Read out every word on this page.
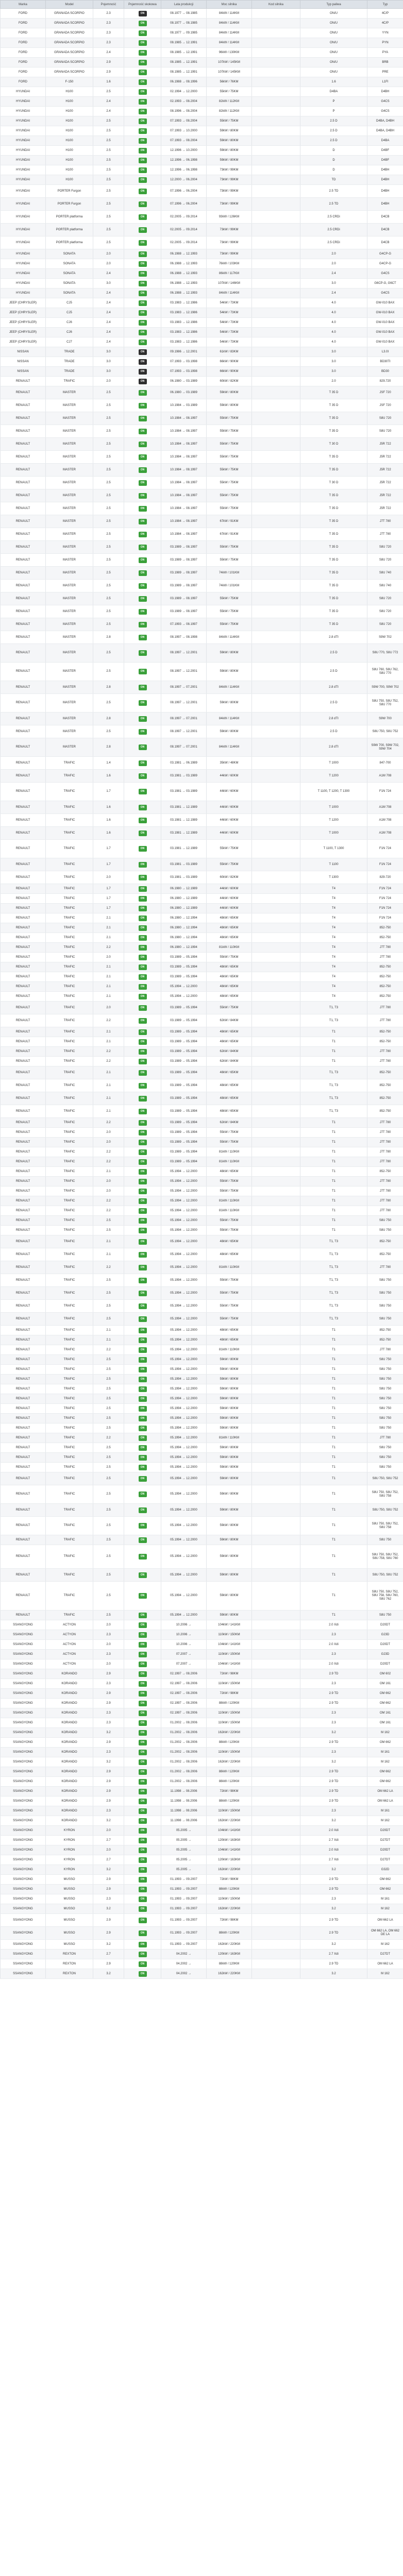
Marka	Model	Pojemność	Pojemność skokowa	Lata produkcji	Moc silnika	Kod silnika	Typ paliwa	Typ
FORD	GRANADA SCORPIO	2.3	ON	08.1977 → 08.1985	84kW / 114KM		ON/U	4C/P
FORD	GRANADA SCORPIO	2.3	ON	08.1977 → 08.1985	84kW / 114KM		ON/U	4C/P
FORD	GRANADA SCORPIO	2.3	ON	08.1977 → 09.1985	84kW / 114KM		ON/U	YYN
FORD	GRANADA SCORPIO	2.3	ON	08.1985 → 12.1991	84kW / 114KM		ON/U	PYN
FORD	GRANADA SCORPIO	2.4	ON	08.1985 → 12.1991	96kW / 130KM		ON/U	PYA
FORD	GRANADA SCORPIO	2.9	ON	08.1985 → 12.1991	107kW / 145KM		ON/U	BRB
FORD	GRANADA SCORPIO	2.9	ON	08.1985 → 12.1991	107kW / 145KM		ON/U	PRE
FORD	F-150	1.6	ON	06.1988 → 08.1996	56kW / 76KM		1.6	L1FI
HYUNDAI	H100	2.5	ON	02.1994 → 12.2000	55kW / 75KM		D4BA	D4BH
HYUNDAI	H100	2.4	ON	02.1993 → 08.2004	82kW / 112KM		P	G4CS
HYUNDAI	H100	2.4	ON	08.1996 → 08.2004	82kW / 112KM		P	G4CS
HYUNDAI	H100	2.5	ON	07.1993 → 08.2004	55kW / 75KM		2.5 D	D4BA, D4BH
HYUNDAI	H100	2.5	ON	07.1993 → 10.2000	59kW / 80KM		2.5 D	D4BA, D4BH
HYUNDAI	H100	2.5	ON	07.1993 → 08.2004	59kW / 80KM		2.5 D	D4BA
HYUNDAI	H100	2.5	ON	12.1996 → 10.2000	59kW / 80KM		D	D4BF
HYUNDAI	H100	2.5	ON	12.1996 → 06.1998	59kW / 80KM		D	D4BF
HYUNDAI	H100	2.5	ON	12.1996 → 06.1998	73kW / 99KM		D	D4BH
HYUNDAI	H100	2.5	ON	12.2000 → 06.2004	73kW / 99KM		TD	D4BH
HYUNDAI	PORTER Furgon	2.5	ON	07.1996 → 06.2004	73kW / 99KM		2.5 TD	D4BH
HYUNDAI	PORTER Furgon	2.5	ON	07.1996 → 06.2004	73kW / 99KM		2.5 TD	D4BH
HYUNDAI	PORTER platforma	2.5	ON	02.2005 → 09.2014	93kW / 126KM		2.5 CRDi	D4CB
HYUNDAI	PORTER platforma	2.5	ON	02.2005 → 09.2014	73kW / 99KM		2.5 CRDi	D4CB
HYUNDAI	PORTER platforma	2.5	ON	02.2005 → 09.2014	73kW / 99KM		2.5 CRDi	D4CB
HYUNDAI	SONATA	2.0	ON	06.1988 → 12.1993	73kW / 99KM		2.0	G4CP-G
HYUNDAI	SONATA	2.0	ON	06.1988 → 12.1993	76kW / 103KM		2.0	G4CP-G
HYUNDAI	SONATA	2.4	ON	06.1988 → 12.1993	86kW / 117KM		2.4	G4CS
HYUNDAI	SONATA	3.0	ON	06.1988 → 12.1993	107kW / 146KM		3.0	G6CP-G, G6CT
HYUNDAI	SONATA	2.4	ON	06.1988 → 12.1993	84kW / 114KM		2.4	G4CS
JEEP (CHRYSLER)	CJ5	2.4	ON	03.1983 → 12.1986	54kW / 73KM		4.0	GW-010 BAX
JEEP (CHRYSLER)	CJ5	2.4	ON	03.1983 → 12.1986	54kW / 73KM		4.0	GW-010 BAX
JEEP (CHRYSLER)	CJ6	2.4	ON	03.1983 → 12.1986	54kW / 73KM		4.0	GW-010 BAX
JEEP (CHRYSLER)	CJ6	2.4	ON	03.1983 → 12.1986	54kW / 73KM		4.0	GW-010 BAX
JEEP (CHRYSLER)	CJ7	2.4	ON	03.1983 → 12.1986	54kW / 73KM		4.0	GW-010 BAX
NISSAN	TRADE	3.0	ON	09.1986 → 12.2001	61kW / 83KM		3.0	L3.0I
NISSAN	TRADE	3.0	ON	07.1993 → 03.1998	66kW / 90KM		3.0	BD30TI
NISSAN	TRADE	3.0	ON	07.1993 → 03.1998	66kW / 90KM		3.0	BD30
RENAULT	TRAFIC	2.0	ON	06.1980 → 03.1989	60kW / 82KM		2.0	829.720
RENAULT	MASTER	2.5	ON	06.1980 → 03.1989	59kW / 80KM		T 35 D	JSF 720
RENAULT	MASTER	2.5	ON	10.1984 → 03.1989	59kW / 80KM		T 35 D	JSF 720
RENAULT	MASTER	2.5	ON	10.1984 → 08.1997	55kW / 75KM		T 35 D	S8U 720
RENAULT	MASTER	2.5	ON	10.1984 → 08.1997	55kW / 75KM		T 35 D	S8U 720
RENAULT	MASTER	2.5	ON	10.1984 → 08.1997	55kW / 75KM		T 30 D	J5R 722
RENAULT	MASTER	2.5	ON	10.1984 → 08.1997	55kW / 75KM		T 35 D	J5R 722
RENAULT	MASTER	2.5	ON	10.1984 → 08.1997	55kW / 75KM		T 35 D	J5R 722
RENAULT	MASTER	2.5	ON	10.1984 → 08.1997	55kW / 75KM		T 30 D	J5R 722
RENAULT	MASTER	2.5	ON	10.1984 → 08.1997	55kW / 75KM		T 35 D	J5R 722
RENAULT	MASTER	2.5	ON	10.1984 → 08.1997	55kW / 75KM		T 35 D	J5R 722
RENAULT	MASTER	2.5	ON	10.1984 → 08.1997	67kW / 91KM		T 35 D	J7T 780
RENAULT	MASTER	2.5	ON	10.1984 → 08.1997	67kW / 91KM		T 35 D	J7T 780
RENAULT	MASTER	2.5	ON	03.1989 → 08.1997	55kW / 75KM		T 35 D	S8U 720
RENAULT	MASTER	2.5	ON	03.1989 → 08.1997	55kW / 75KM		T 35 D	S8U 720
RENAULT	MASTER	2.5	ON	03.1989 → 08.1997	74kW / 101KM		T 35 D	S8U 740
RENAULT	MASTER	2.5	ON	03.1989 → 08.1997	74kW / 101KM		T 35 D	S8U 740
RENAULT	MASTER	2.5	ON	03.1989 → 08.1997	55kW / 75KM		T 35 D	S8U 720
RENAULT	MASTER	2.5	ON	03.1989 → 08.1997	55kW / 75KM		T 35 D	S8U 720
RENAULT	MASTER	2.5	ON	07.1993 → 08.1997	55kW / 75KM		T 35 D	S8U 720
RENAULT	MASTER	2.8	ON	08.1997 → 08.1998	84kW / 114KM		2.8 dTI	S9W 702
RENAULT	MASTER	2.5	ON	08.1997 → 12.2001	59kW / 80KM		2.5 D	S8U 770, S8U 772
RENAULT	MASTER	2.5	ON	08.1997 → 12.2001	59kW / 80KM		2.5 D	S8U 760, S8U 762, S8U 770
RENAULT	MASTER	2.8	ON	08.1997 → 07.2001	84kW / 114KM		2.8 dTI	S9W 700, S9W 702
RENAULT	MASTER	2.5	ON	08.1997 → 12.2001	59kW / 80KM		2.5 D	S8U 750, S8U 752, S8U 770
RENAULT	MASTER	2.8	ON	08.1997 → 07.2001	84kW / 114KM		2.8 dTI	S9W 700
RENAULT	MASTER	2.5	ON	08.1997 → 12.2001	59kW / 80KM		2.5 D	S8U 750, S8U 752
RENAULT	MASTER	2.8	ON	08.1997 → 07.2001	84kW / 114KM		2.8 dTI	S9W 700, S9W 702, S9W 704
RENAULT	TRAFIC	1.4	ON	03.1981 → 06.1989	35kW / 48KM		T 1000	847-700
RENAULT	TRAFIC	1.6	ON	03.1981 → 03.1989	44kW / 60KM		T 1200	A1M 708
RENAULT	TRAFIC	1.7	ON	03.1981 → 03.1989	44kW / 60KM		T 1100, T 1200, T 1300	F1N 724
RENAULT	TRAFIC	1.6	ON	03.1981 → 12.1989	44kW / 60KM		T 1000	A1M 708
RENAULT	TRAFIC	1.6	ON	03.1981 → 12.1989	44kW / 60KM		T 1200	A1M 708
RENAULT	TRAFIC	1.6	ON	03.1981 → 12.1989	44kW / 60KM		T 1000	A1M 708
RENAULT	TRAFIC	1.7	ON	03.1981 → 12.1989	55kW / 75KM		T 1100, T 1300	F1N 724
RENAULT	TRAFIC	1.7	ON	03.1981 → 03.1989	55kW / 75KM		T 1100	F1N 724
RENAULT	TRAFIC	2.0	ON	03.1981 → 03.1989	60kW / 82KM		T 1300	829-720
RENAULT	TRAFIC	1.7	ON	06.1980 → 12.1989	44kW / 60KM		T4	F1N 724
RENAULT	TRAFIC	1.7	ON	06.1980 → 12.1989	44kW / 60KM		T4	F1N 724
RENAULT	TRAFIC	1.7	ON	06.1980 → 12.1989	44kW / 60KM		T4	F1N 724
RENAULT	TRAFIC	2.1	ON	06.1980 → 12.1994	48kW / 65KM		T4	F1N 724
RENAULT	TRAFIC	2.1	ON	06.1980 → 12.1994	48kW / 65KM		T4	852-750
RENAULT	TRAFIC	2.1	ON	06.1980 → 12.1994	48kW / 65KM		T4	852-750
RENAULT	TRAFIC	2.2	ON	06.1980 → 12.1994	81kW / 110KM		T4	J7T 780
RENAULT	TRAFIC	2.0	ON	03.1989 → 05.1994	55kW / 75KM		T4	J7T 780
RENAULT	TRAFIC	2.1	ON	03.1989 → 05.1994	48kW / 65KM		T4	852-750
RENAULT	TRAFIC	2.1	ON	03.1989 → 05.1994	48kW / 65KM		T4	852-750
RENAULT	TRAFIC	2.1	ON	05.1994 → 12.2000	48kW / 65KM		T4	852-750
RENAULT	TRAFIC	2.1	ON	05.1994 → 12.2000	48kW / 65KM		T4	852-750
RENAULT	TRAFIC	2.0	ON	03.1989 → 05.1994	55kW / 75KM		T1, T3	J7T 780
RENAULT	TRAFIC	2.2	ON	03.1989 → 05.1994	62kW / 84KM		T1, T3	J7T 780
RENAULT	TRAFIC	2.1	ON	03.1989 → 05.1994	48kW / 65KM		T1	852-750
RENAULT	TRAFIC	2.1	ON	03.1989 → 05.1994	48kW / 65KM		T1	852-750
RENAULT	TRAFIC	2.2	ON	03.1989 → 05.1994	62kW / 84KM		T1	J7T 780
RENAULT	TRAFIC	2.2	ON	03.1989 → 05.1994	62kW / 84KM		T1	J7T 780
RENAULT	TRAFIC	2.1	ON	03.1989 → 05.1994	48kW / 65KM		T1, T3	852-750
RENAULT	TRAFIC	2.1	ON	03.1989 → 05.1994	48kW / 65KM		T1, T3	852-750
RENAULT	TRAFIC	2.1	ON	03.1989 → 05.1994	48kW / 65KM		T1, T3	852-750
RENAULT	TRAFIC	2.1	ON	03.1989 → 05.1994	48kW / 65KM		T1, T3	852-750
RENAULT	TRAFIC	2.2	ON	03.1989 → 05.1994	62kW / 84KM		T1	J7T 780
RENAULT	TRAFIC	2.0	ON	03.1989 → 05.1994	55kW / 75KM		T1	J7T 780
RENAULT	TRAFIC	2.0	ON	03.1989 → 05.1994	55kW / 75KM		T1	J7T 780
RENAULT	TRAFIC	2.2	ON	03.1989 → 05.1994	81kW / 110KM		T1	J7T 780
RENAULT	TRAFIC	2.2	ON	03.1989 → 05.1994	81kW / 110KM		T1	J7T 780
RENAULT	TRAFIC	2.1	ON	05.1994 → 12.2000	48kW / 65KM		T1	852-750
RENAULT	TRAFIC	2.0	ON	05.1994 → 12.2000	55kW / 75KM		T1	J7T 780
RENAULT	TRAFIC	2.0	ON	05.1994 → 12.2000	55kW / 75KM		T1	J7T 780
RENAULT	TRAFIC	2.2	ON	05.1994 → 12.2000	81kW / 110KM		T1	J7T 780
RENAULT	TRAFIC	2.2	ON	05.1994 → 12.2000	81kW / 110KM		T1	J7T 780
RENAULT	TRAFIC	2.5	ON	05.1994 → 12.2000	55kW / 75KM		T1	S8U 750
RENAULT	TRAFIC	2.5	ON	05.1994 → 12.2000	55kW / 75KM		T1	S8U 750
RENAULT	TRAFIC	2.1	ON	05.1994 → 12.2000	48kW / 65KM		T1, T3	852-750
RENAULT	TRAFIC	2.1	ON	05.1994 → 12.2000	48kW / 65KM		T1, T3	852-750
RENAULT	TRAFIC	2.2	ON	05.1994 → 12.2000	81kW / 110KM		T1, T3	J7T 780
RENAULT	TRAFIC	2.5	ON	05.1994 → 12.2000	55kW / 75KM		T1, T3	S8U 750
RENAULT	TRAFIC	2.5	ON	05.1994 → 12.2000	55kW / 75KM		T1, T3	S8U 750
RENAULT	TRAFIC	2.5	ON	05.1994 → 12.2000	55kW / 75KM		T1, T3	S8U 750
RENAULT	TRAFIC	2.5	ON	05.1994 → 12.2000	55kW / 75KM		T1, T3	S8U 750
RENAULT	TRAFIC	2.1	ON	05.1994 → 12.2000	48kW / 65KM		T1	852-750
RENAULT	TRAFIC	2.1	ON	05.1994 → 12.2000	48kW / 65KM		T1	852-750
RENAULT	TRAFIC	2.2	ON	05.1994 → 12.2000	81kW / 110KM		T1	J7T 780
RENAULT	TRAFIC	2.5	ON	05.1994 → 12.2000	59kW / 80KM		T1	S8U 750
RENAULT	TRAFIC	2.5	ON	05.1994 → 12.2000	59kW / 80KM		T1	S8U 750
RENAULT	TRAFIC	2.5	ON	05.1994 → 12.2000	59kW / 80KM		T1	S8U 750
RENAULT	TRAFIC	2.5	ON	05.1994 → 12.2000	59kW / 80KM		T1	S8U 750
RENAULT	TRAFIC	2.5	ON	05.1994 → 12.2000	59kW / 80KM		T1	S8U 750
RENAULT	TRAFIC	2.5	ON	05.1994 → 12.2000	59kW / 80KM		T1	S8U 750
RENAULT	TRAFIC	2.5	ON	05.1994 → 12.2000	59kW / 80KM		T1	S8U 750
RENAULT	TRAFIC	2.5	ON	05.1994 → 12.2000	59kW / 80KM		T1	S8U 750
RENAULT	TRAFIC	2.2	ON	05.1994 → 12.2000	81kW / 110KM		T1	J7T 780
RENAULT	TRAFIC	2.5	ON	05.1994 → 12.2000	59kW / 80KM		T1	S8U 750
RENAULT	TRAFIC	2.5	ON	05.1994 → 12.2000	59kW / 80KM		T1	S8U 750
RENAULT	TRAFIC	2.5	ON	05.1994 → 12.2000	59kW / 80KM		T1	S8U 750
RENAULT	TRAFIC	2.5	ON	05.1994 → 12.2000	59kW / 80KM		T1	S8U 750, S8U 752
RENAULT	TRAFIC	2.5	ON	05.1994 → 12.2000	59kW / 80KM		T1	S8U 750, S8U 752, S8U 758
RENAULT	TRAFIC	2.5	ON	05.1994 → 12.2000	59kW / 80KM		T1	S8U 750, S8U 752
RENAULT	TRAFIC	2.5	ON	05.1994 → 12.2000	59kW / 80KM		T1	S8U 750, S8U 752, S8U 758
RENAULT	TRAFIC	2.5	ON	05.1994 → 12.2000	59kW / 80KM		T1	S8U 750
RENAULT	TRAFIC	2.5	ON	05.1994 → 12.2000	59kW / 80KM		T1	S8U 750, S8U 752, S8U 758, S8U 760
RENAULT	TRAFIC	2.5	ON	05.1994 → 12.2000	59kW / 80KM		T1	S8U 750, S8U 752
RENAULT	TRAFIC	2.5	ON	05.1994 → 12.2000	59kW / 80KM		T1	S8U 750, S8U 752, S8U 758, S8U 760, S8U 762
RENAULT	TRAFIC	2.5	ON	05.1994 → 12.2000	59kW / 80KM		T1	S8U 750
SSANGYONG	ACTYON	2.0	ON	10.2006 →	104kW / 141KM		2.0 Xdi	D20DT
SSANGYONG	ACTYON	2.3	ON	10.2006 →	110kW / 150KM		2.3	G23D
SSANGYONG	ACTYON	2.0	ON	10.2006 →	104kW / 141KM		2.0 Xdi	D20DT
SSANGYONG	ACTYON	2.3	ON	07.2007 →	110kW / 150KM		2.3	G23D
SSANGYONG	ACTYON	2.0	ON	07.2007 →	104kW / 141KM		2.0 Xdi	D20DT
SSANGYONG	KORANDO	2.9	ON	02.1997 → 08.2006	72kW / 98KM		2.9 TD	OM 602
SSANGYONG	KORANDO	2.3	ON	02.1997 → 08.2006	110kW / 150KM		2.3	OM 161
SSANGYONG	KORANDO	2.9	ON	02.1997 → 08.2006	72kW / 98KM		2.9 TD	OM 662
SSANGYONG	KORANDO	2.9	ON	02.1997 → 08.2006	88kW / 120KM		2.9 TD	OM 662
SSANGYONG	KORANDO	2.3	ON	02.1997 → 08.2006	110kW / 150KM		2.3	OM 161
SSANGYONG	KORANDO	2.3	ON	01.2002 → 08.2006	110kW / 150KM		2.3	OM 161
SSANGYONG	KORANDO	3.2	ON	01.2002 → 08.2006	162kW / 220KM		3.2	M 162
SSANGYONG	KORANDO	2.9	ON	01.2002 → 08.2006	88kW / 120KM		2.9 TD	OM 662
SSANGYONG	KORANDO	2.3	ON	01.2002 → 08.2006	110kW / 150KM		2.3	M 161
SSANGYONG	KORANDO	3.2	ON	01.2002 → 08.2006	162kW / 220KM		3.2	M 162
SSANGYONG	KORANDO	2.9	ON	01.2002 → 08.2006	88kW / 120KM		2.9 TD	OM 662
SSANGYONG	KORANDO	2.9	ON	01.2002 → 08.2006	88kW / 120KM		2.9 TD	OM 662
SSANGYONG	KORANDO	2.9	ON	11.1998 → 08.2006	72kW / 98KM		2.9 TD	OM 662 LA
SSANGYONG	KORANDO	2.9	ON	11.1998 → 08.2006	88kW / 120KM		2.9 TD	OM 662 LA
SSANGYONG	KORANDO	2.3	ON	11.1998 → 08.2006	110kW / 150KM		2.3	M 161
SSANGYONG	KORANDO	3.2	ON	11.1998 → 08.2006	162kW / 220KM		3.2	M 162
SSANGYONG	KYRON	2.0	ON	05.2005 →	104kW / 141KM		2.0 Xdi	D20DT
SSANGYONG	KYRON	2.7	ON	05.2005 →	120kW / 163KM		2.7 Xdi	D27DT
SSANGYONG	KYRON	2.0	ON	05.2005 →	104kW / 141KM		2.0 Xdi	D20DT
SSANGYONG	KYRON	2.7	ON	05.2005 →	120kW / 163KM		2.7 Xdi	D27DT
SSANGYONG	KYRON	3.2	ON	05.2005 →	162kW / 220KM		3.2	G32D
SSANGYONG	MUSSO	2.9	ON	01.1993 → 09.2007	72kW / 98KM		2.9 TD	OM 662
SSANGYONG	MUSSO	2.9	ON	01.1993 → 09.2007	88kW / 120KM		2.9 TD	OM 662
SSANGYONG	MUSSO	2.3	ON	01.1993 → 09.2007	110kW / 150KM		2.3	M 161
SSANGYONG	MUSSO	3.2	ON	01.1993 → 09.2007	162kW / 220KM		3.2	M 162
SSANGYONG	MUSSO	2.9	ON	01.1993 → 09.2007	72kW / 98KM		2.9 TD	OM 662 LA
SSANGYONG	MUSSO	2.9	ON	01.1993 → 09.2007	88kW / 120KM		2.9 TD	OM 662 LA, OM 662 DE LA
SSANGYONG	MUSSO	3.2	ON	01.1993 → 09.2007	162kW / 220KM		3.2	M 162
SSANGYONG	REXTON	2.7	ON	04.2002 →	120kW / 163KM		2.7 Xdi	D27DT
SSANGYONG	REXTON	2.9	ON	04.2002 →	88kW / 120KM		2.9 TD	OM 662 LA
SSANGYONG	REXTON	3.2	ON	04.2002 →	162kW / 220KM		3.2	M 162
